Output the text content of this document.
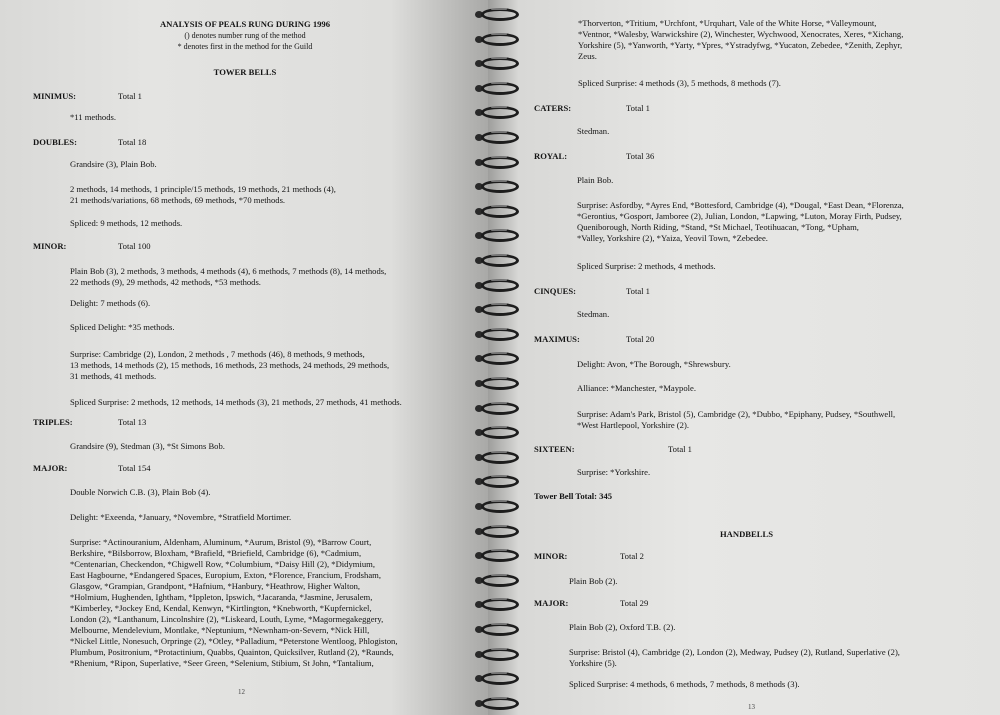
ANALYSIS OF PEALS RUNG DURING 1996
() denotes number rung of the method
* denotes first in the method for the Guild
TOWER BELLS
MINIMUS:	Total 1
*11 methods.
DOUBLES:	Total 18
Grandsire (3), Plain Bob.
2 methods, 14 methods, 1 principle/15 methods, 19 methods, 21 methods (4),
21 methods/variations, 68 methods, 69 methods, *70 methods.
Spliced: 9 methods, 12 methods.
MINOR:	Total 100
Plain Bob (3), 2 methods, 3 methods, 4 methods (4), 6 methods, 7 methods (8), 14 methods,
22 methods (9), 29 methods, 42 methods, *53 methods.
Delight: 7 methods (6).
Spliced Delight: *35 methods.
Surprise: Cambridge (2), London, 2 methods , 7 methods (46), 8 methods, 9 methods,
13 methods, 14 methods (2), 15 methods, 16 methods, 23 methods, 24 methods, 29 methods,
31 methods, 41 methods.
Spliced Surprise: 2 methods, 12 methods, 14 methods (3), 21 methods, 27 methods, 41 methods.
TRIPLES:	Total 13
Grandsire (9), Stedman (3), *St Simons Bob.
MAJOR:	Total 154
Double Norwich C.B. (3), Plain Bob (4).
Delight: *Exeenda, *January, *Novembre, *Stratfield Mortimer.
Surprise: *Actinouranium, Aldenham, Aluminum, *Aurum, Bristol (9), *Barrow Court,
Berkshire, *Bilsborrow, Bloxham, *Brafield, *Briefield, Cambridge (6), *Cadmium,
*Centenarian, Checkendon, *Chigwell Row, *Columbium, *Daisy Hill (2), *Didymium,
East Hagbourne, *Endangered Spaces, Europium, Exton, *Florence, Francium, Frodsham,
Glasgow, *Grampian, Grandpont, *Hafnium, *Hanbury, *Heathrow, Higher Walton,
*Holmium, Hughenden, Ightham, *Ippleton, Ipswich, *Jacaranda, *Jasmine, Jerusalem,
*Kimberley, *Jockey End, Kendal, Kenwyn, *Kirtlington, *Knebworth, *Kupfernickel,
London (2), *Lanthanum, Lincolnshire (2), *Liskeard, Louth, Lyme, *Magormegakeggery,
Melbourne, Mendelevium, Montlake, *Neptunium, *Newnham-on-Severn, *Nick Hill,
*Nickel Little, Nonesuch, Orpringe (2), *Otley, *Palladium, *Peterstone Wentloog, Phlogiston,
Plumbum, Positronium, *Protactinium, Quabbs, Quainton, Quicksilver, Rutland (2), *Raunds,
*Rhenium, *Ripon, Superlative, *Seer Green, *Selenium, Stibium, St John, *Tantalium,
12
*Thorverton, *Tritium, *Urchfont, *Urquhart, Vale of the White Horse, *Valleymount,
*Ventnor, *Walesby, Warwickshire (2), Winchester, Wychwood, Xenocrates, Xeres, *Xichang,
Yorkshire (5), *Yanworth, *Yarty, *Ypres, *Ystradyfwg, *Yucaton, Zebedee, *Zenith, Zephyr,
Zeus.
Spliced Surprise: 4 methods (3), 5 methods, 8 methods (7).
CATERS:	Total 1
Stedman.
ROYAL:	Total 36
Plain Bob.
Surprise: Asfordby, *Ayres End, *Bottesford, Cambridge (4), *Dougal, *East Dean, *Florenza,
*Gerontius, *Gosport, Jamboree (2), Julian, London, *Lapwing, *Luton, Moray Firth, Pudsey,
Queniborough, North Riding, *Stand, *St Michael, Teotihuacan, *Tong, *Upham,
*Valley, Yorkshire (2), *Yaiza, Yeovil Town, *Zebedee.
Spliced Surprise: 2 methods, 4 methods.
CINQUES:	Total 1
Stedman.
MAXIMUS:	Total 20
Delight: Avon, *The Borough, *Shrewsbury.
Alliance: *Manchester, *Maypole.
Surprise: Adam's Park, Bristol (5), Cambridge (2), *Dubbo, *Epiphany, Pudsey, *Southwell,
*West Hartlepool, Yorkshire (2).
SIXTEEN:	Total 1
Surprise: *Yorkshire.
Tower Bell Total: 345
HANDBELLS
MINOR:	Total 2
Plain Bob (2).
MAJOR:	Total 29
Plain Bob (2), Oxford T.B. (2).
Surprise: Bristol (4), Cambridge (2), London (2), Medway, Pudsey (2), Rutland, Superlative (2),
Yorkshire (5).
Spliced Surprise: 4 methods, 6 methods, 7 methods, 8 methods (3).
13
